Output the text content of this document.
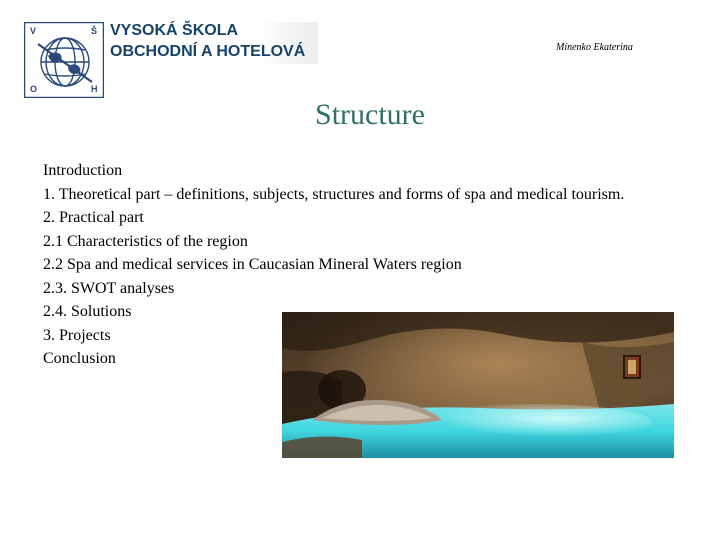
V	Š
O	H
VYSOKÁ ŠKOLA
OBCHODNÍ A HOTELOVÁ	Minenko Ekaterina
Structure
Introduction
1. Theoretical part – definitions, subjects, structures and forms of spa and medical tourism.
2. Practical part
2.1 Characteristics of the region
2.2 Spa and medical services in Caucasian Mineral Waters region
2.3. SWOT analyses
2.4. Solutions
3. Projects
Conclusion
